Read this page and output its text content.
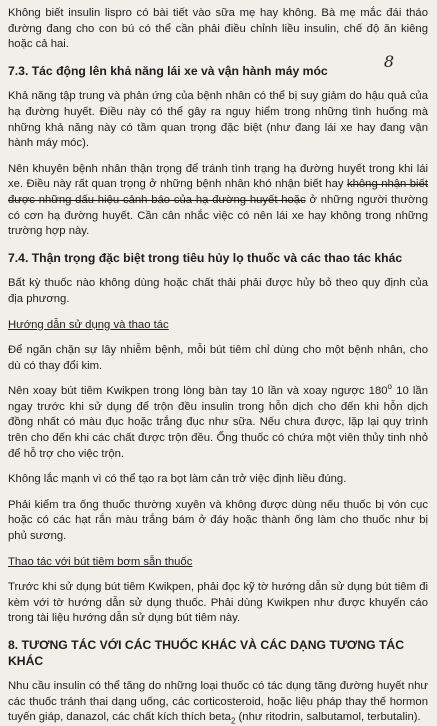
8

Không biết insulin lispro có bài tiết vào sữa mẹ hay không. Bà mẹ mắc đái tháo đường đang cho con bú có thể cần phải điều chỉnh liều insulin, chế độ ăn kiêng hoặc cả hai.

7.3. Tác động lên khả năng lái xe và vận hành máy móc

Khả năng tập trung và phản ứng của bệnh nhân có thể bị suy giảm do hậu quả của hạ đường huyết. Điều này có thể gây ra nguy hiểm trong những tình huống mà những khả năng này có tầm quan trọng đặc biệt (như đang lái xe hay đang vận hành máy móc).

Nên khuyên bệnh nhân thận trọng để tránh tình trạng hạ đường huyết trong khi lái xe. Điều này rất quan trọng ở những bệnh nhân khó nhận biết hay không nhận biết được những dấu hiệu cảnh báo của hạ đường huyết hoặc ở những người thường có cơn hạ đường huyết. Cần cân nhắc việc có nên lái xe hay không trong những trường hợp này.

7.4. Thận trọng đặc biệt trong tiêu hủy lọ thuốc và các thao tác khác

Bất kỳ thuốc nào không dùng hoặc chất thải phải được hủy bỏ theo quy định của địa phương.

Hướng dẫn sử dụng và thao tác

Để ngăn chặn sự lây nhiễm bệnh, mỗi bút tiêm chỉ dùng cho một bệnh nhân, cho dù có thay đổi kim.

Nên xoay bút tiêm Kwikpen trong lòng bàn tay 10 lần và xoay ngược 180$^o$ 10 lần ngay trước khi sử dụng để trộn đều insulin trong hỗn dịch cho đến khi hỗn dịch đồng nhất có màu đục hoặc trắng đục như sữa. Nếu chưa được, lặp lại quy trình trên cho đến khi các chất được trộn đều. Ống thuốc có chứa một viên thủy tinh nhỏ để hỗ trợ cho việc trộn.

Không lắc mạnh vì có thể tạo ra bọt làm cản trở việc định liều đúng.

Phải kiểm tra ống thuốc thường xuyên và không được dùng nếu thuốc bị vón cục hoặc có các hạt rắn màu trắng bám ở đáy hoặc thành ống làm cho thuốc như bị phủ sương.

Thao tác với bút tiêm bơm sẵn thuốc

Trước khi sử dụng bút tiêm Kwikpen, phải đọc kỹ tờ hướng dẫn sử dụng bút tiêm đi kèm với tờ hướng dẫn sử dụng thuốc. Phải dùng Kwikpen như được khuyến cáo trong tài liệu hướng dẫn sử dụng bút tiêm này.

8. TƯƠNG TÁC VỚI CÁC THUỐC KHÁC VÀ CÁC DẠNG TƯƠNG TÁC KHÁC

Nhu cầu insulin có thể tăng do những loại thuốc có tác dụng tăng đường huyết như các thuốc tránh thai dạng uống, các corticosteroid, hoặc liệu pháp thay thế hormon tuyến giáp, danazol, các chất kích thích beta$_2$ (như ritodrin, salbutamol, terbutalin).
